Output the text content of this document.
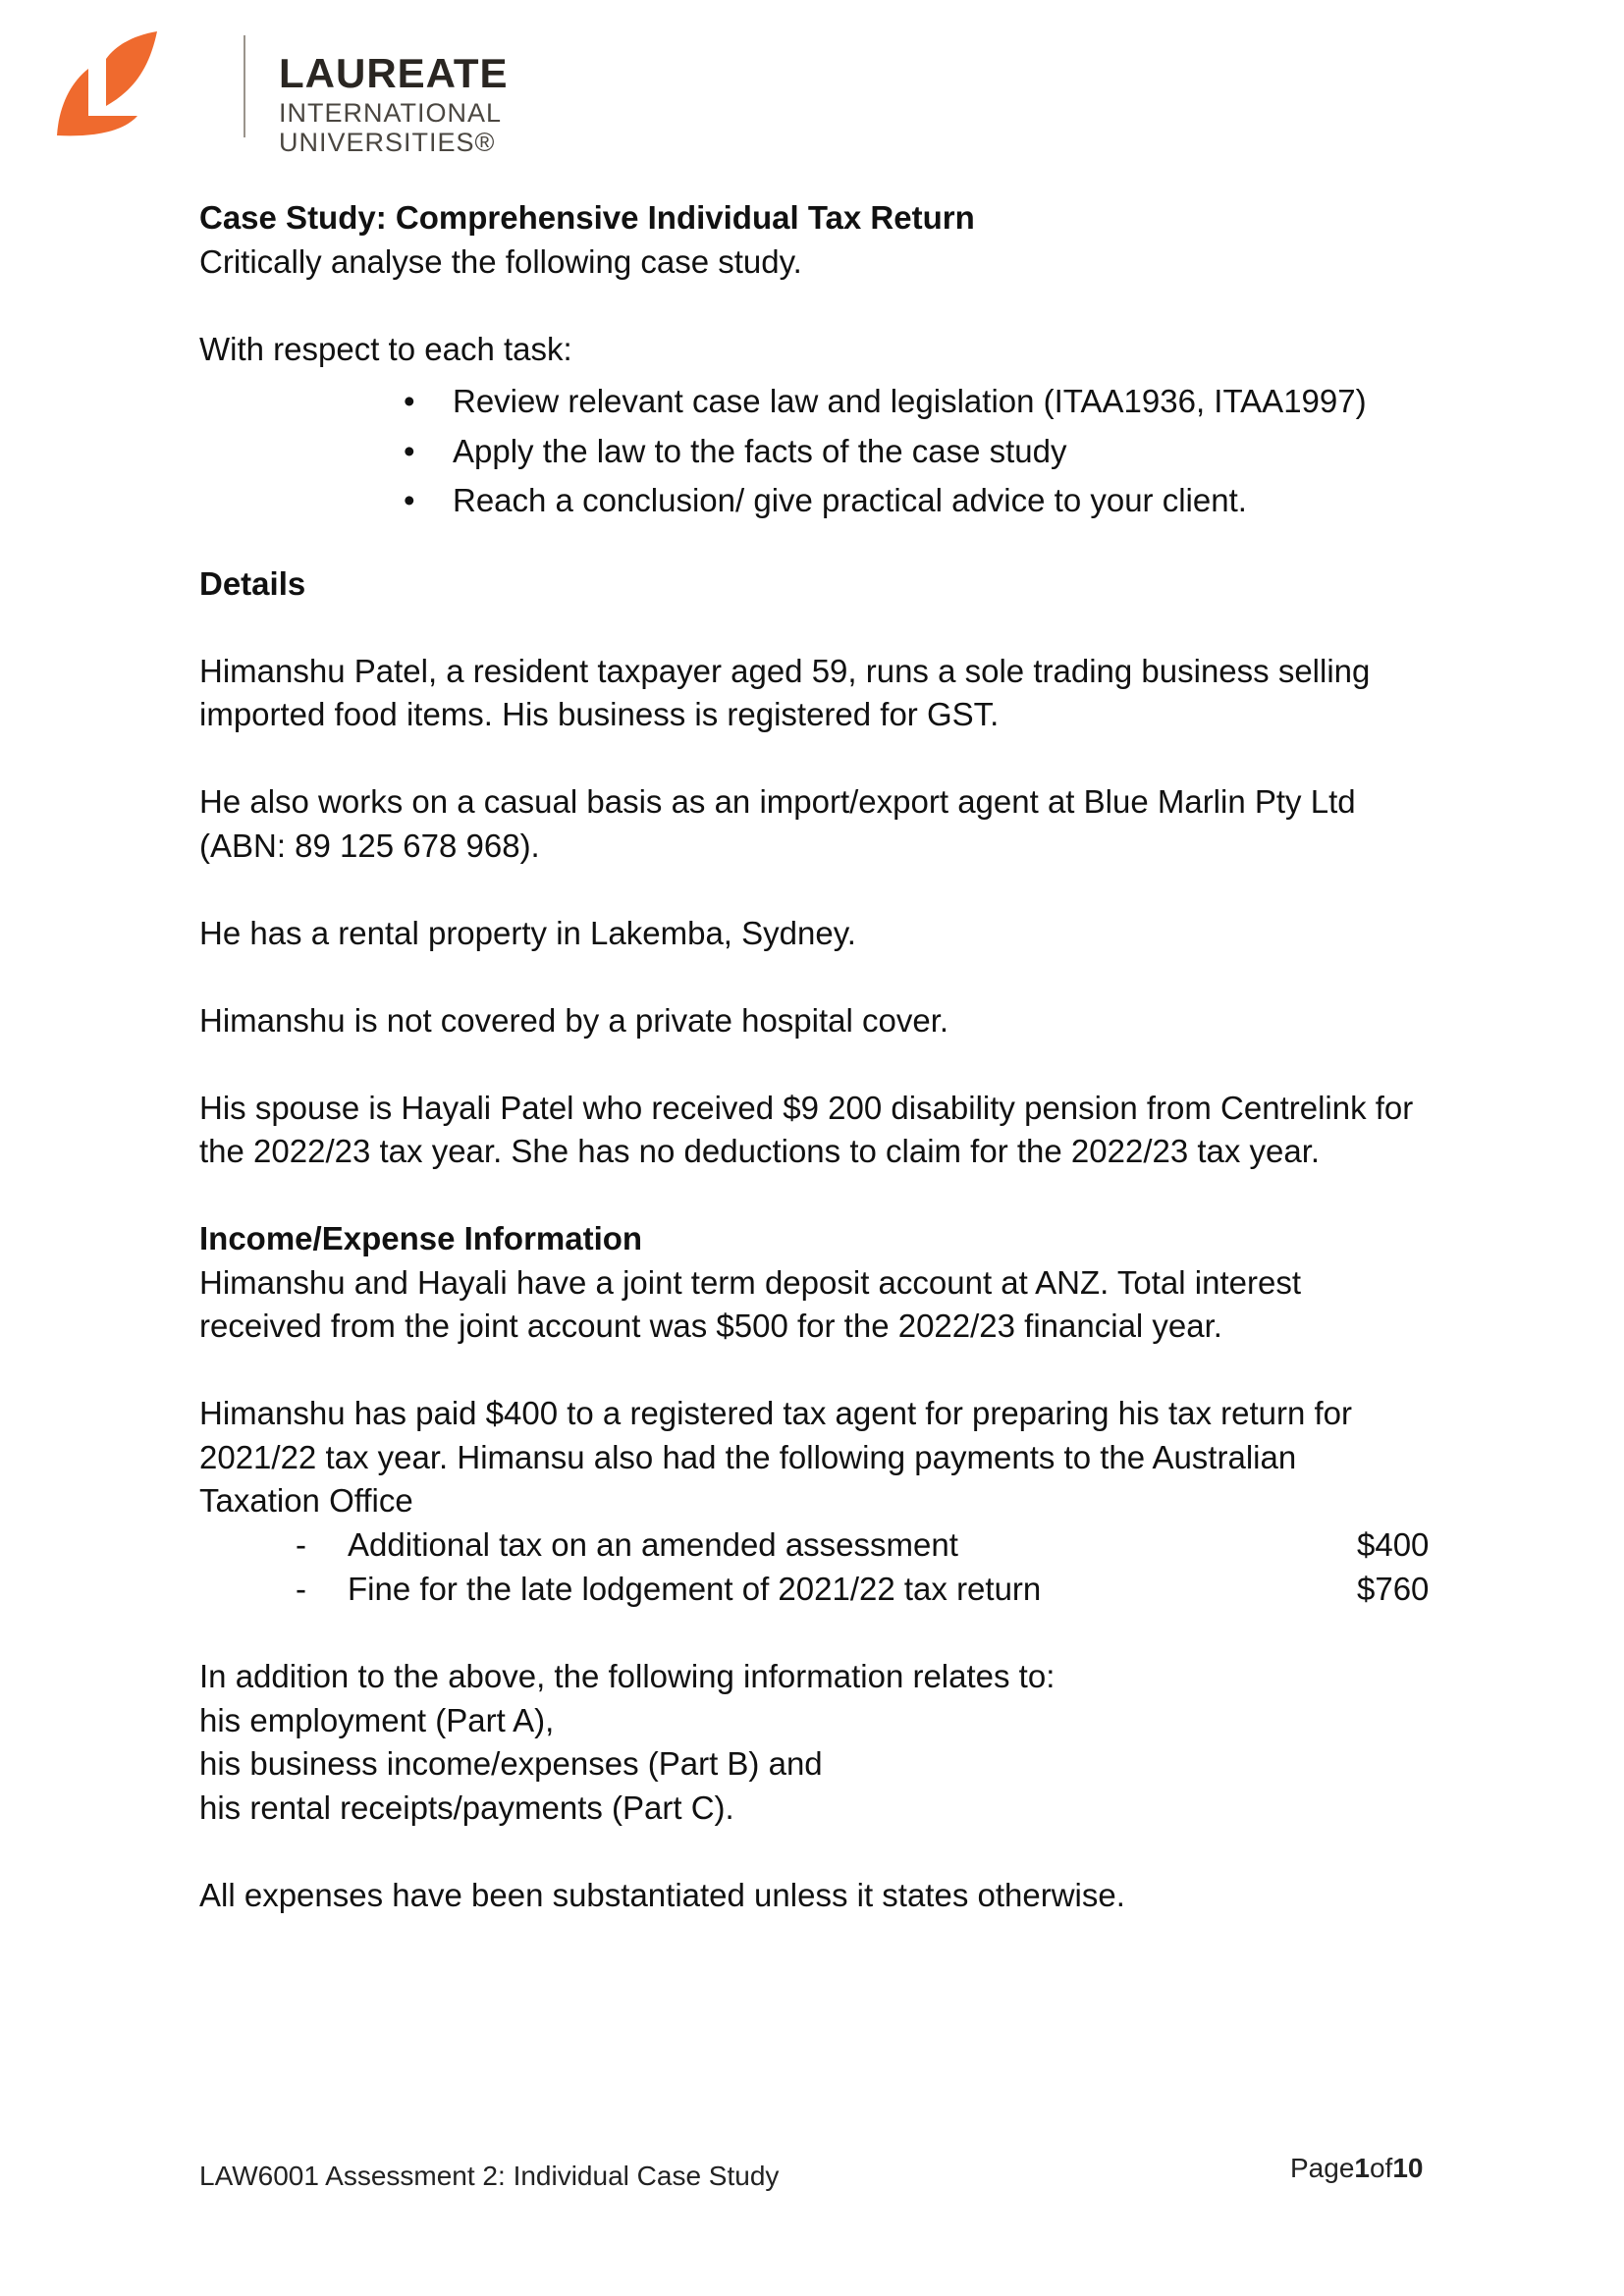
LAUREATE
INTERNATIONAL
UNIVERSITIES®
Case Study: Comprehensive Individual Tax Return
Critically analyse the following case study.
With respect to each task:
• Review relevant case law and legislation (ITAA1936, ITAA1997)
• Apply the law to the facts of the case study
• Reach a conclusion/ give practical advice to your client.
Details
Himanshu Patel, a resident taxpayer aged 59, runs a sole trading business selling
imported food items. His business is registered for GST.
He also works on a casual basis as an import/export agent at Blue Marlin Pty Ltd
(ABN: 89 125 678 968).
He has a rental property in Lakemba, Sydney.
Himanshu is not covered by a private hospital cover.
His spouse is Hayali Patel who received $9 200 disability pension from Centrelink for
the 2022/23 tax year. She has no deductions to claim for the 2022/23 tax year.
Income/Expense Information
Himanshu and Hayali have a joint term deposit account at ANZ. Total interest
received from the joint account was $500 for the 2022/23 financial year.
Himanshu has paid $400 to a registered tax agent for preparing his tax return for
2021/22 tax year. Himansu also had the following payments to the Australian
Taxation Office
- Additional tax on an amended assessment	$400
- Fine for the late lodgement of 2021/22 tax return	$760
In addition to the above, the following information relates to:
his employment (Part A),
his business income/expenses (Part B) and
his rental receipts/payments (Part C).
All expenses have been substantiated unless it states otherwise.
LAW6001 Assessment 2: Individual Case Study	Page1of10
